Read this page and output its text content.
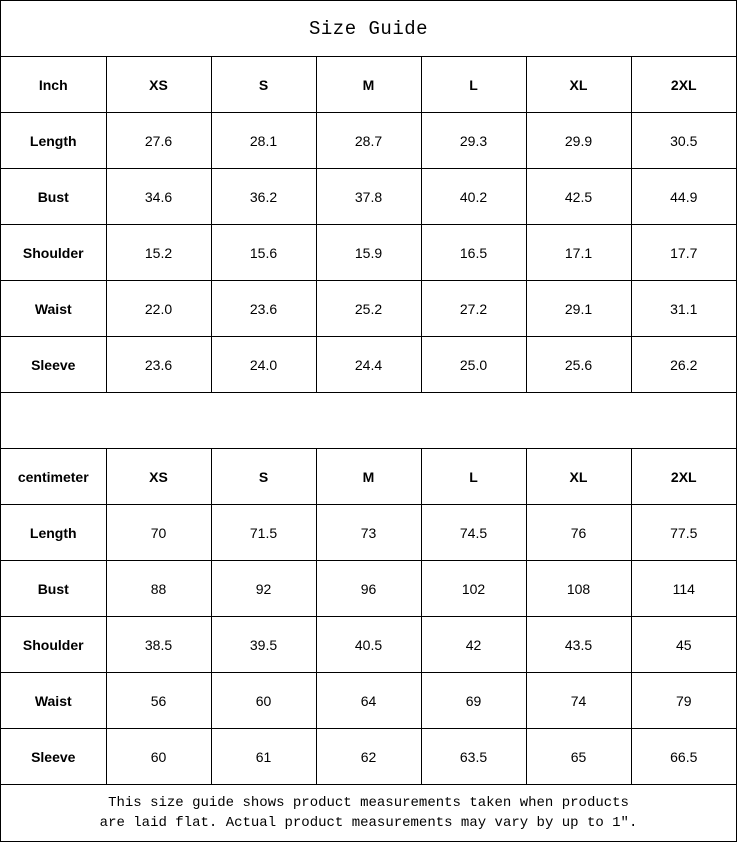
Size Guide						
Inch	XS	S	M	L	XL	2XL
Length	27.6	28.1	28.7	29.3	29.9	30.5
Bust	34.6	36.2	37.8	40.2	42.5	44.9
Shoulder	15.2	15.6	15.9	16.5	17.1	17.7
Waist	22.0	23.6	25.2	27.2	29.1	31.1
Sleeve	23.6	24.0	24.4	25.0	25.6	26.2

centimeter	XS	S	M	L	XL	2XL
Length	70	71.5	73	74.5	76	77.5
Bust	88	92	96	102	108	114
Shoulder	38.5	39.5	40.5	42	43.5	45
Waist	56	60	64	69	74	79
Sleeve	60	61	62	63.5	65	66.5

This size guide shows product measurements taken when products
are laid flat. Actual product measurements may vary by up to 1″.						
